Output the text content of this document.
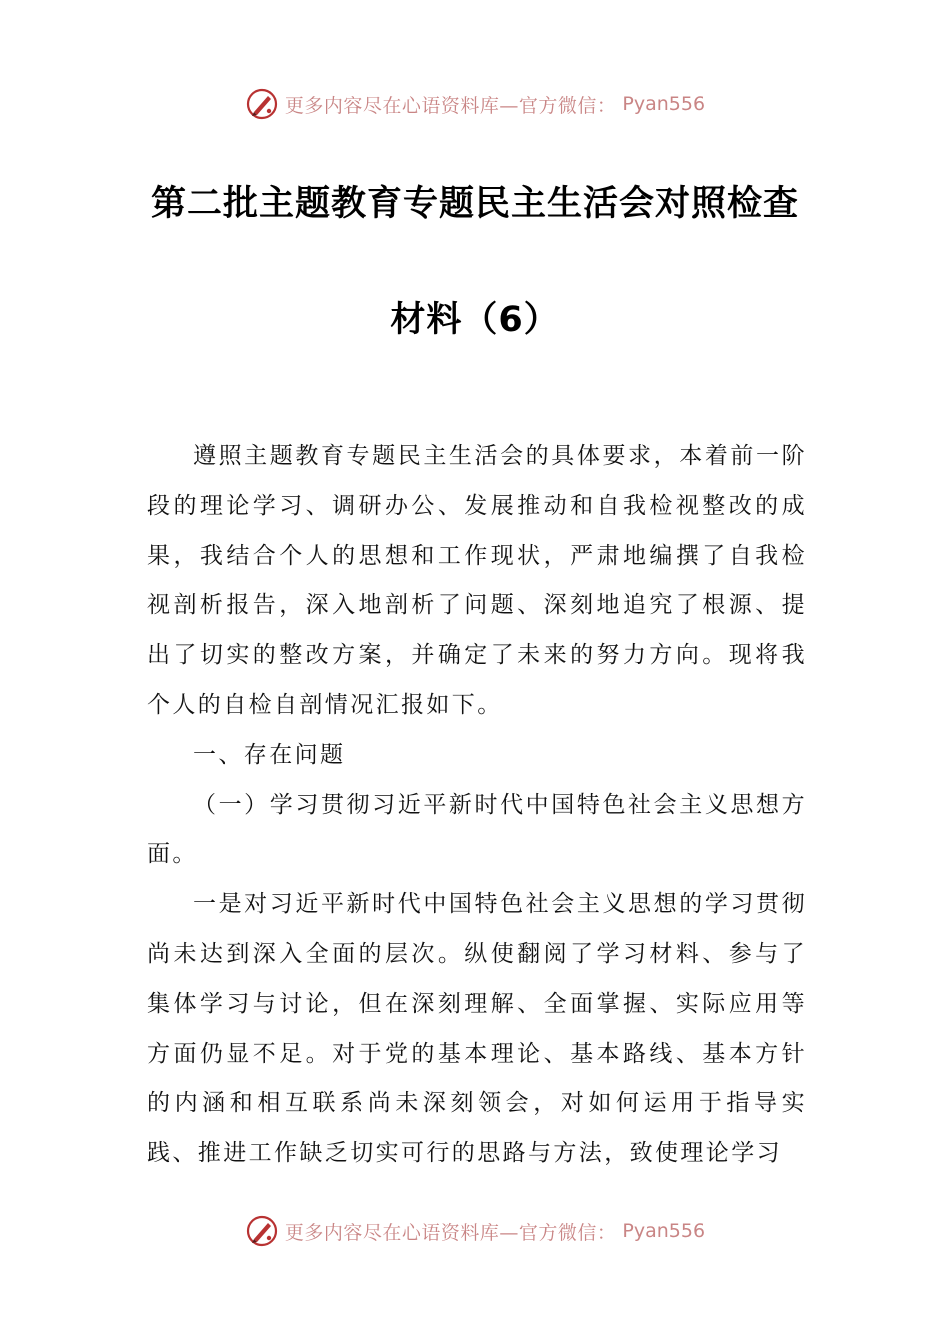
更多内容尽在心语资料库—官方微信： Pyan556
第二批主题教育专题民主生活会对照检查
材料（6）

遵照主题教育专题民主生活会的具体要求，本着前一阶段的理论学习、调研办公、发展推动和自我检视整改的成果，我结合个人的思想和工作现状，严肃地编撰了自我检视剖析报告，深入地剖析了问题、深刻地追究了根源、提出了切实的整改方案，并确定了未来的努力方向。现将我个人的自检自剖情况汇报如下。

一、存在问题

（一）学习贯彻习近平新时代中国特色社会主义思想方面。

一是对习近平新时代中国特色社会主义思想的学习贯彻尚未达到深入全面的层次。纵使翻阅了学习材料、参与了集体学习与讨论，但在深刻理解、全面掌握、实际应用等方面仍显不足。对于党的基本理论、基本路线、基本方针的内涵和相互联系尚未深刻领会，对如何运用于指导实践、推进工作缺乏切实可行的思路与方法，致使理论学习

更多内容尽在心语资料库—官方微信： Pyan556
